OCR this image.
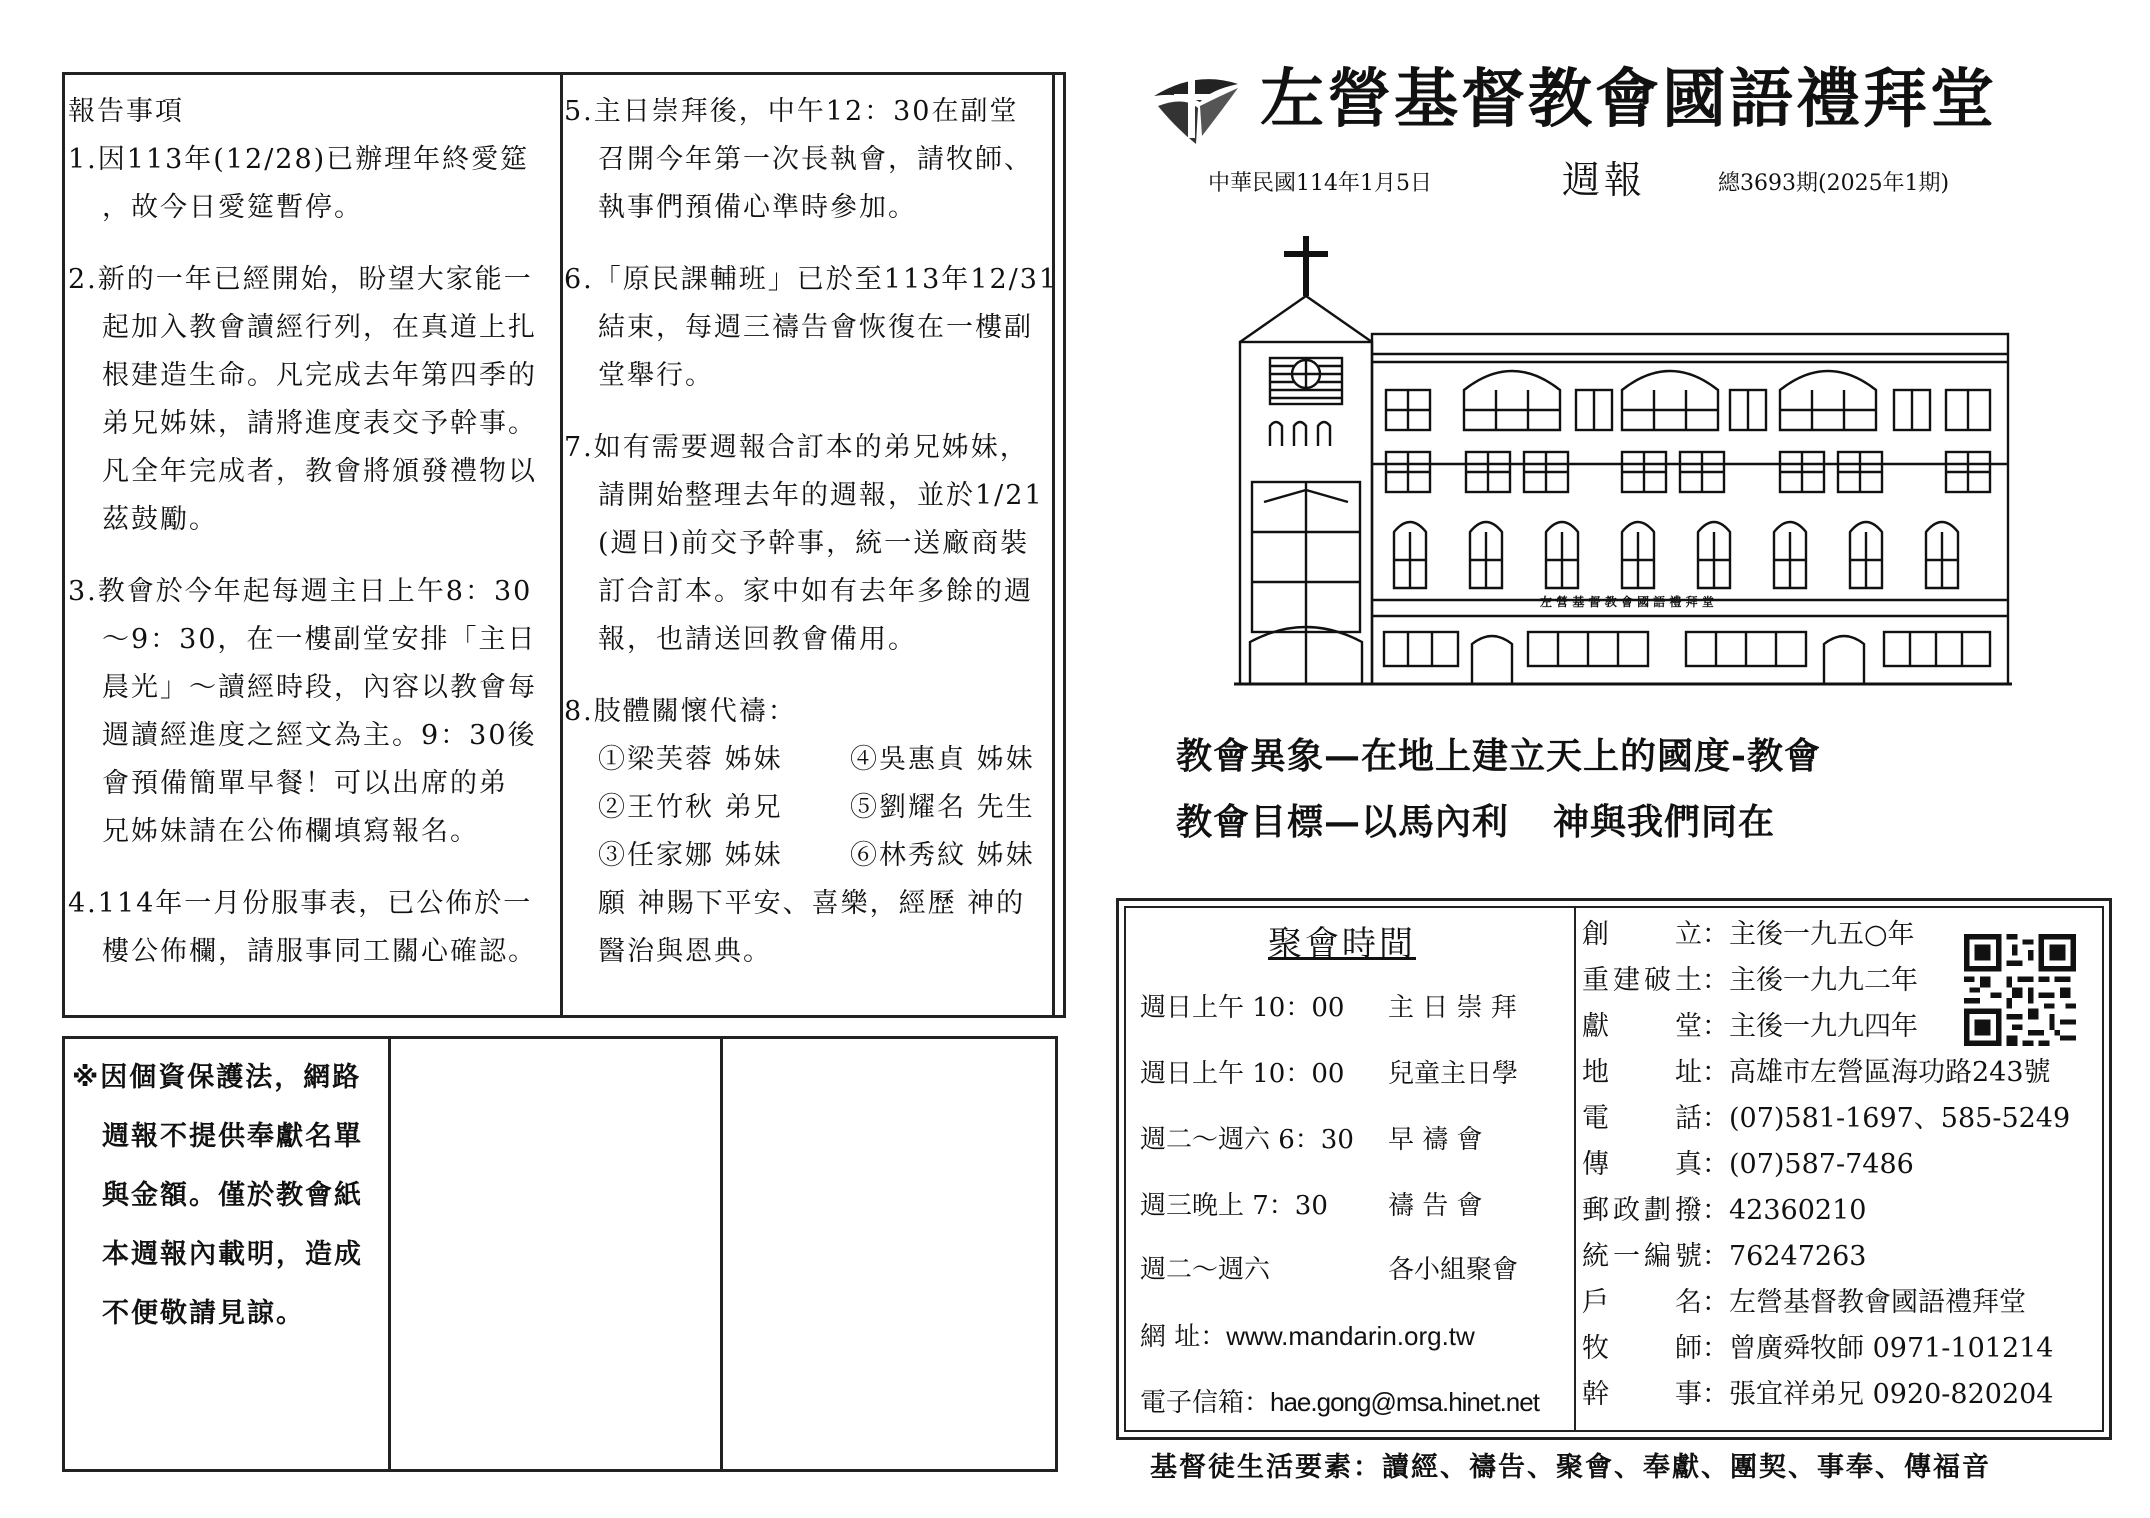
報告事項
1.因113年(12/28)已辦理年終愛筵
，故今日愛筵暫停。
2.新的一年已經開始，盼望大家能一
起加入教會讀經行列，在真道上扎
根建造生命。凡完成去年第四季的
弟兄姊妹，請將進度表交予幹事。
凡全年完成者，教會將頒發禮物以
茲鼓勵。
3.教會於今年起每週主日上午8：30
～9：30，在一樓副堂安排「主日
晨光」～讀經時段，內容以教會每
週讀經進度之經文為主。9：30後
會預備簡單早餐！可以出席的弟
兄姊妹請在公佈欄填寫報名。
4.114年一月份服事表，已公佈於一
樓公佈欄，請服事同工關心確認。
5.主日崇拜後，中午12：30在副堂
召開今年第一次長執會，請牧師、
執事們預備心準時參加。
6.「原民課輔班」已於至113年12/31
結束，每週三禱告會恢復在一樓副
堂舉行。
7.如有需要週報合訂本的弟兄姊妹，
請開始整理去年的週報，並於1/21
(週日)前交予幹事，統一送廠商裝
訂合訂本。家中如有去年多餘的週
報，也請送回教會備用。
8.肢體關懷代禱：
①梁芙蓉 姊妹 ④吳惠貞 姊妹
②王竹秋 弟兄 ⑤劉耀名 先生
③任家娜 姊妹 ⑥林秀紋 姊妹
願 神賜下平安、喜樂，經歷 神的
醫治與恩典。
※因個資保護法，網路
週報不提供奉獻名單
與金額。僅於教會紙
本週報內載明，造成
不便敬請見諒。
左營基督教會國語禮拜堂
中華民國114年1月5日	週報	總3693期(2025年1期)
左 營 基 督 教 會 國 語 禮 拜 堂
教會異象—在地上建立天上的國度-教會
教會目標—以馬內利 神與我們同在
聚會時間
週日上午 10：00 主 日 崇 拜
週日上午 10：00 兒童主日學
週二～週六 6：30 早 禱 會
週三晚上 7：30 禱 告 會
週二～週六	各小組聚會
網 址：www.mandarin.org.tw
電子信箱：hae.gong@msa.hinet.net
創立：主後一九五○年
重建破土：主後一九九二年
獻堂：主後一九九四年
地址：高雄市左營區海功路243號
電話：(07)581-1697、585-5249
傳真：(07)587-7486
郵政劃撥：42360210
統一編號：76247263
戶名：左營基督教會國語禮拜堂
牧師：曾廣舜牧師 0971-101214
幹事：張宜祥弟兄 0920-820204
基督徒生活要素：讀經、禱告、聚會、奉獻、團契、事奉、傳福音
